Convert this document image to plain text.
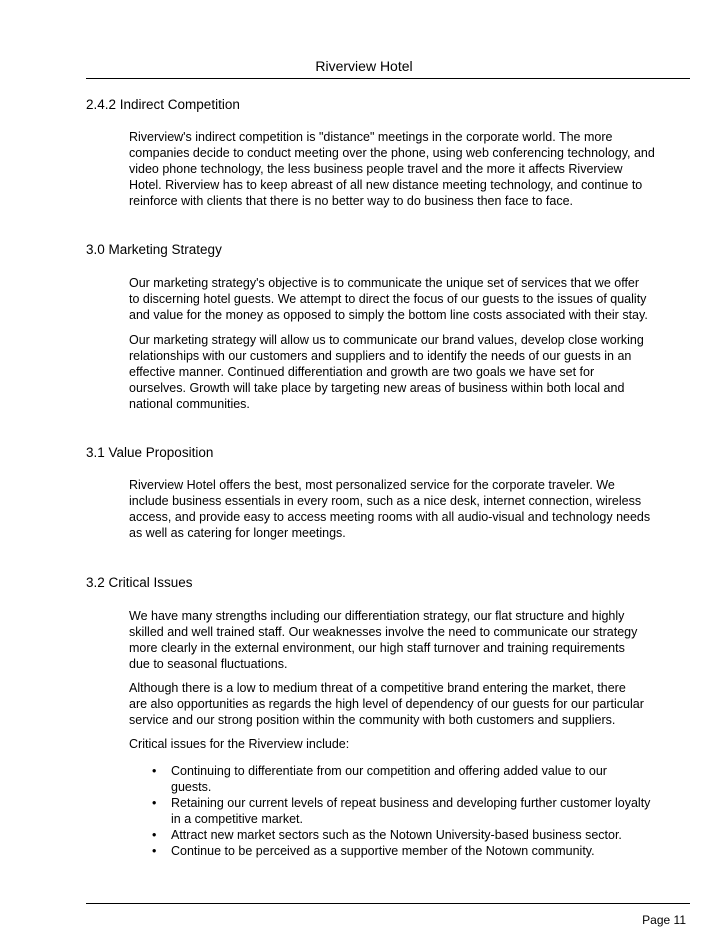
Riverview Hotel
2.4.2 Indirect Competition

Riverview's indirect competition is "distance" meetings in the corporate world. The more
companies decide to conduct meeting over the phone, using web conferencing technology, and
video phone technology, the less business people travel and the more it affects Riverview
Hotel. Riverview has to keep abreast of all new distance meeting technology, and continue to
reinforce with clients that there is no better way to do business then face to face.

3.0 Marketing Strategy

Our marketing strategy's objective is to communicate the unique set of services that we offer
to discerning hotel guests. We attempt to direct the focus of our guests to the issues of quality
and value for the money as opposed to simply the bottom line costs associated with their stay.

Our marketing strategy will allow us to communicate our brand values, develop close working
relationships with our customers and suppliers and to identify the needs of our guests in an
effective manner. Continued differentiation and growth are two goals we have set for
ourselves. Growth will take place by targeting new areas of business within both local and
national communities.

3.1 Value Proposition

Riverview Hotel offers the best, most personalized service for the corporate traveler. We
include business essentials in every room, such as a nice desk, internet connection, wireless
access, and provide easy to access meeting rooms with all audio-visual and technology needs
as well as catering for longer meetings.

3.2 Critical Issues

We have many strengths including our differentiation strategy, our flat structure and highly
skilled and well trained staff. Our weaknesses involve the need to communicate our strategy
more clearly in the external environment, our high staff turnover and training requirements
due to seasonal fluctuations.

Although there is a low to medium threat of a competitive brand entering the market, there
are also opportunities as regards the high level of dependency of our guests for our particular
service and our strong position within the community with both customers and suppliers.

Critical issues for the Riverview include:

•	Continuing to differentiate from our competition and offering added value to our
guests.
•	Retaining our current levels of repeat business and developing further customer loyalty
in a competitive market.
•	Attract new market sectors such as the Notown University-based business sector.
•	Continue to be perceived as a supportive member of the Notown community.
Page 11
